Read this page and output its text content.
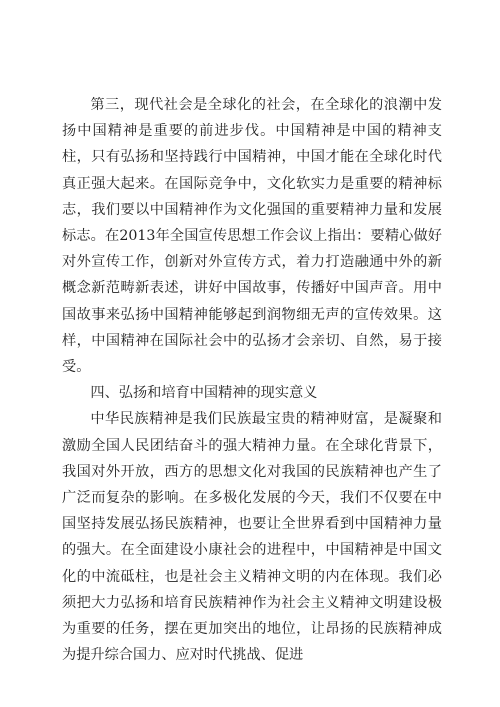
第三，现代社会是全球化的社会，在全球化的浪潮中发扬中国精神是重要的前进步伐。中国精神是中国的精神支柱，只有弘扬和坚持践行中国精神，中国才能在全球化时代真正强大起来。在国际竞争中，文化软实力是重要的精神标志，我们要以中国精神作为文化强国的重要精神力量和发展标志。在2013年全国宣传思想工作会议上指出：要精心做好对外宣传工作，创新对外宣传方式，着力打造融通中外的新概念新范畴新表述，讲好中国故事，传播好中国声音。用中国故事来弘扬中国精神能够起到润物细无声的宣传效果。这样，中国精神在国际社会中的弘扬才会亲切、自然，易于接受。

四、弘扬和培育中国精神的现实意义

中华民族精神是我们民族最宝贵的精神财富，是凝聚和激励全国人民团结奋斗的强大精神力量。在全球化背景下，我国对外开放，西方的思想文化对我国的民族精神也产生了广泛而复杂的影响。在多极化发展的今天，我们不仅要在中国坚持发展弘扬民族精神，也要让全世界看到中国精神力量的强大。在全面建设小康社会的进程中，中国精神是中国文化的中流砥柱，也是社会主义精神文明的内在体现。我们必须把大力弘扬和培育民族精神作为社会主义精神文明建设极为重要的任务，摆在更加突出的地位，让昂扬的民族精神成为提升综合国力、应对时代挑战、促进
